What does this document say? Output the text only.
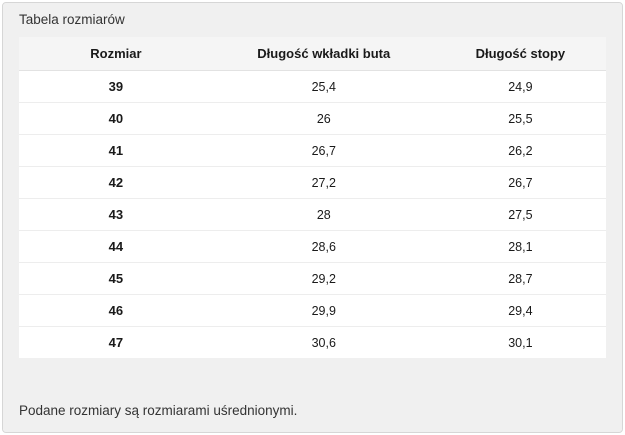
Tabela rozmiarów
Rozmiar	Długość wkładki buta	Długość stopy
39	25,4	24,9
40	26	25,5
41	26,7	26,2
42	27,2	26,7
43	28	27,5
44	28,6	28,1
45	29,2	28,7
46	29,9	29,4
47	30,6	30,1
Podane rozmiary są rozmiarami uśrednionymi.
